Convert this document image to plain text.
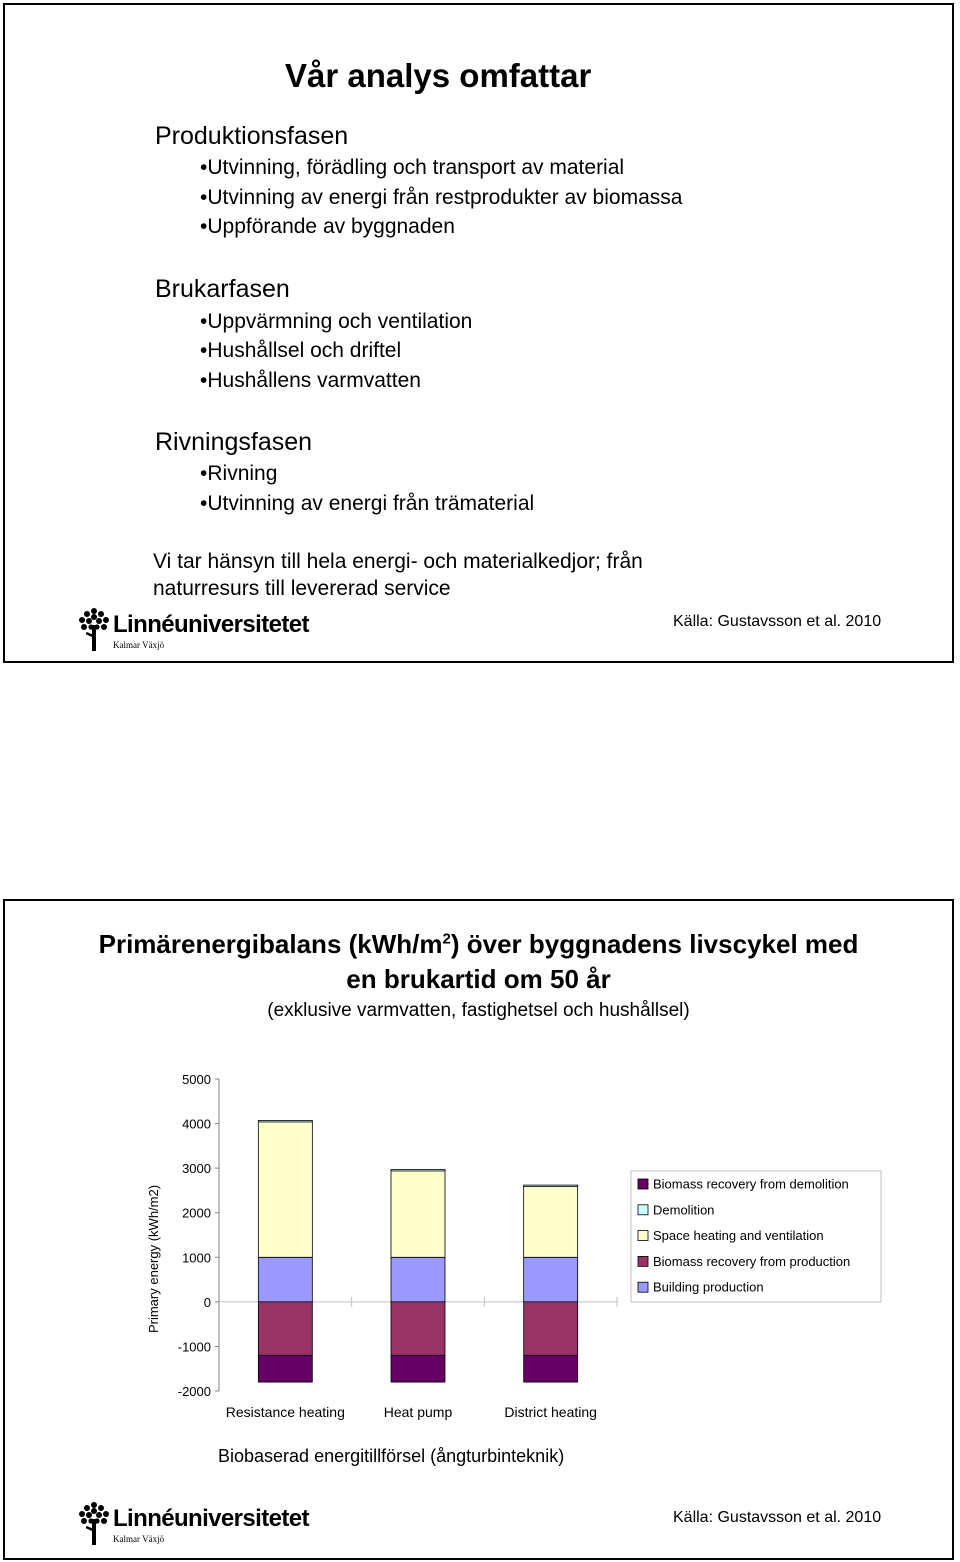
Vår analys omfattar
Produktionsfasen
• Utvinning, förädling och transport av material
• Utvinning av energi från restprodukter av biomassa
• Uppförande av byggnaden
Brukarfasen
• Uppvärmning och ventilation
• Hushållsel och driftel
• Hushållens varmvatten
Rivningsfasen
• Rivning
• Utvinning av energi från trämaterial
Vi tar hänsyn till hela energi- och materialkedjor; från
naturresurs till levererad service
Linnéuniversitetet
Kalmar Växjö
Källa: Gustavsson et al. 2010
Primärenergibalans $(kWh/m^2)$ över byggnadens livscykel med
en brukartid om 50 år
(exklusive varmvatten, fastighetsel och hushållsel)
5000
4000
3000
2000
1000
0
-1000
-2000
Primary energy (kWh/m2)
Resistance heating	Heat pump	District heating
Biomass recovery from demolition
Demolition
Space heating and ventilation
Biomass recovery from production
Building production
Biobaserad energitillförsel (ångturbinteknik)
Linnéuniversitetet
Kalmar Växjö
Källa: Gustavsson et al. 2010
